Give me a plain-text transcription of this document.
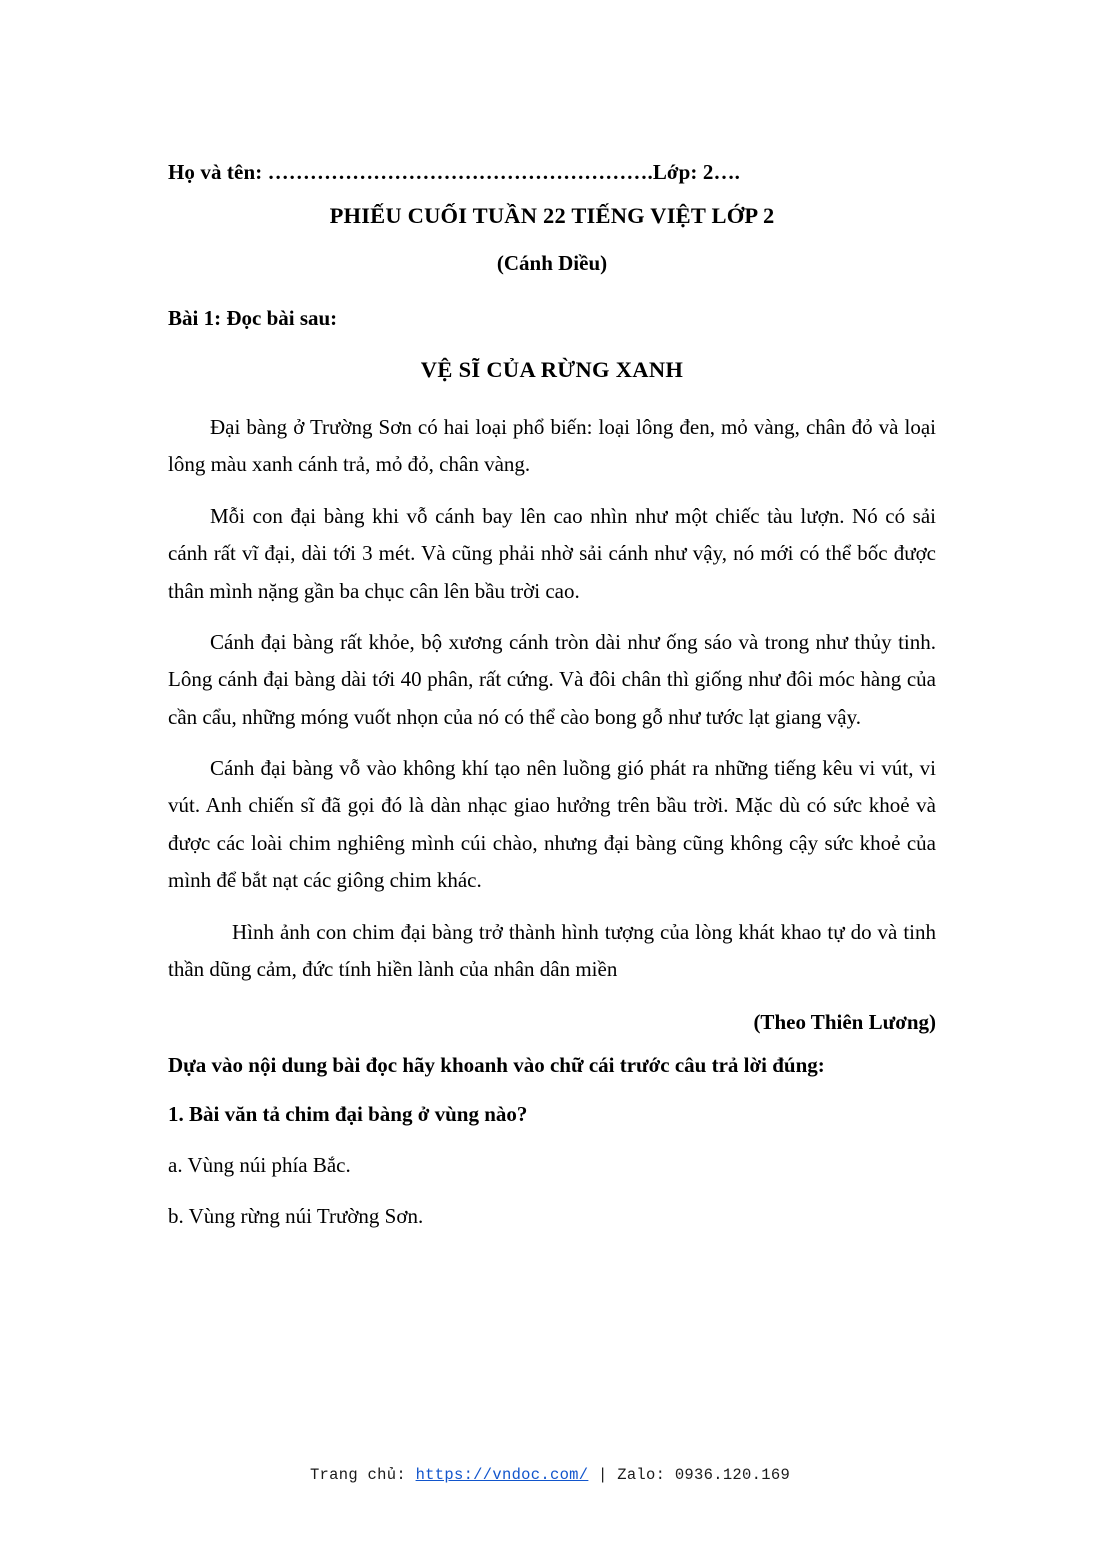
Họ và tên: ……………………………………………….Lớp: 2….

PHIẾU CUỐI TUẦN 22 TIẾNG VIỆT LỚP 2
(Cánh Diều)

Bài 1: Đọc bài sau:

VỆ SĨ CỦA RỪNG XANH

Đại bàng ở Trường Sơn có hai loại phổ biến: loại lông đen, mỏ vàng, chân đỏ và loại lông màu xanh cánh trả, mỏ đỏ, chân vàng.

Mỗi con đại bàng khi vỗ cánh bay lên cao nhìn như một chiếc tàu lượn. Nó có sải cánh rất vĩ đại, dài tới 3 mét. Và cũng phải nhờ sải cánh như vậy, nó mới có thể bốc được thân mình nặng gần ba chục cân lên bầu trời cao.

Cánh đại bàng rất khỏe, bộ xương cánh tròn dài như ống sáo và trong như thủy tinh. Lông cánh đại bàng dài tới 40 phân, rất cứng. Và đôi chân thì giống như đôi móc hàng của cần cẩu, những móng vuốt nhọn của nó có thể cào bong gỗ như tước lạt giang vậy.

Cánh đại bàng vỗ vào không khí tạo nên luồng gió phát ra những tiếng kêu vi vút, vi vút. Anh chiến sĩ đã gọi đó là dàn nhạc giao hưởng trên bầu trời. Mặc dù có sức khoẻ và được các loài chim nghiêng mình cúi chào, nhưng đại bàng cũng không cậy sức khoẻ của mình để bắt nạt các giông chim khác.

Hình ảnh con chim đại bàng trở thành hình tượng của lòng khát khao tự do và tinh thần dũng cảm, đức tính hiền lành của nhân dân miền

(Theo Thiên Lương)

Dựa vào nội dung bài đọc hãy khoanh vào chữ cái trước câu trả lời đúng:

1. Bài văn tả chim đại bàng ở vùng nào?

a. Vùng núi phía Bắc.

b. Vùng rừng núi Trường Sơn.

Trang chủ: https://vndoc.com/ | Zalo: 0936.120.169
